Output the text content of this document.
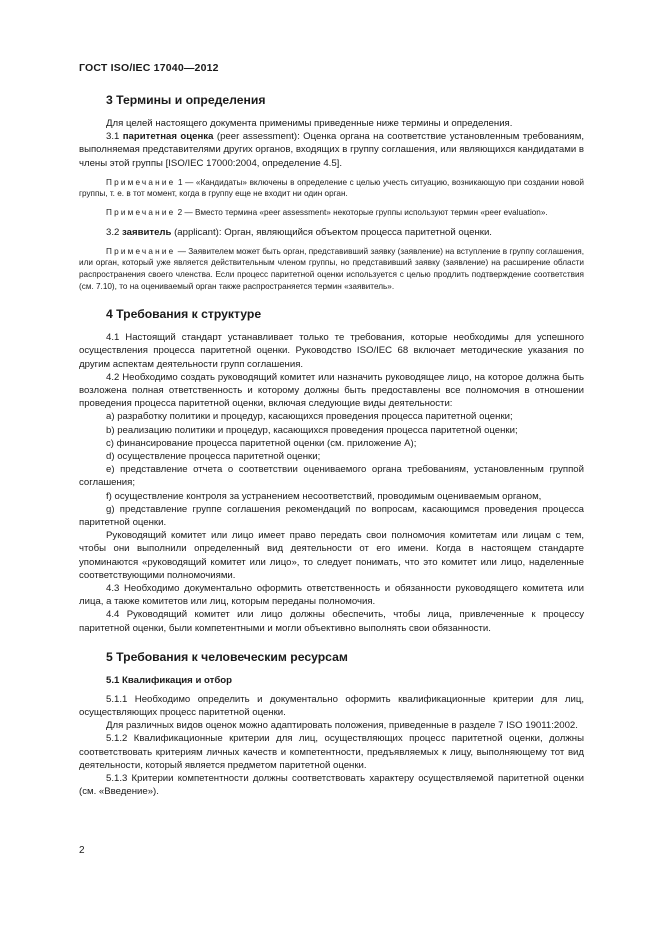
ГОСТ ISO/IEC 17040—2012
3 Термины и определения

Для целей настоящего документа применимы приведенные ниже термины и определения.

3.1 паритетная оценка (peer assessment): Оценка органа на соответствие установленным требованиям, выполняемая представителями других органов, входящих в группу соглашения, или являющихся кандидатами в члены этой группы [ISO/IEC 17000:2004, определение 4.5].

Примечание 1 — «Кандидаты» включены в определение с целью учесть ситуацию, возникающую при создании новой группы, т. е. в тот момент, когда в группу еще не входит ни один орган.

Примечание 2 — Вместо термина «peer assessment» некоторые группы используют термин «peer evaluation».

3.2 заявитель (applicant): Орган, являющийся объектом процесса паритетной оценки.

Примечание — Заявителем может быть орган, представивший заявку (заявление) на вступление в группу соглашения, или орган, который уже является действительным членом группы, но представивший заявку (заявление) на расширение области распространения своего членства. Если процесс паритетной оценки используется с целью продлить подтверждение соответствия (см. 7.10), то на оцениваемый орган также распространяется термин «заявитель».

4 Требования к структуре

4.1 Настоящий стандарт устанавливает только те требования, которые необходимы для успешного осуществления процесса паритетной оценки. Руководство ISO/IEC 68 включает методические указания по другим аспектам деятельности групп соглашения.

4.2 Необходимо создать руководящий комитет или назначить руководящее лицо, на которое должна быть возложена полная ответственность и которому должны быть предоставлены все полномочия в отношении проведения процесса паритетной оценки, включая следующие виды деятельности:

a) разработку политики и процедур, касающихся проведения процесса паритетной оценки;

b) реализацию политики и процедур, касающихся проведения процесса паритетной оценки;

c) финансирование процесса паритетной оценки (см. приложение А);

d) осуществление процесса паритетной оценки;

e) представление отчета о соответствии оцениваемого органа требованиям, установленным группой соглашения;

f) осуществление контроля за устранением несоответствий, проводимым оцениваемым органом,

g) представление группе соглашения рекомендаций по вопросам, касающимся проведения процесса паритетной оценки.

Руководящий комитет или лицо имеет право передать свои полномочия комитетам или лицам с тем, чтобы они выполнили определенный вид деятельности от его имени. Когда в настоящем стандарте упоминаются «руководящий комитет или лицо», то следует понимать, что это комитет или лицо, наделенные соответствующими полномочиями.

4.3 Необходимо документально оформить ответственность и обязанности руководящего комитета или лица, а также комитетов или лиц, которым переданы полномочия.

4.4 Руководящий комитет или лицо должны обеспечить, чтобы лица, привлеченные к процессу паритетной оценки, были компетентными и могли объективно выполнять свои обязанности.

5 Требования к человеческим ресурсам
5.1 Квалификация и отбор

5.1.1 Необходимо определить и документально оформить квалификационные критерии для лиц, осуществляющих процесс паритетной оценки.

Для различных видов оценок можно адаптировать положения, приведенные в разделе 7 ISO 19011:2002.

5.1.2 Квалификационные критерии для лиц, осуществляющих процесс паритетной оценки, должны соответствовать критериям личных качеств и компетентности, предъявляемых к лицу, выполняющему тот вид деятельности, который является предметом паритетной оценки.

5.1.3 Критерии компетентности должны соответствовать характеру осуществляемой паритетной оценки (см. «Введение»).

2
